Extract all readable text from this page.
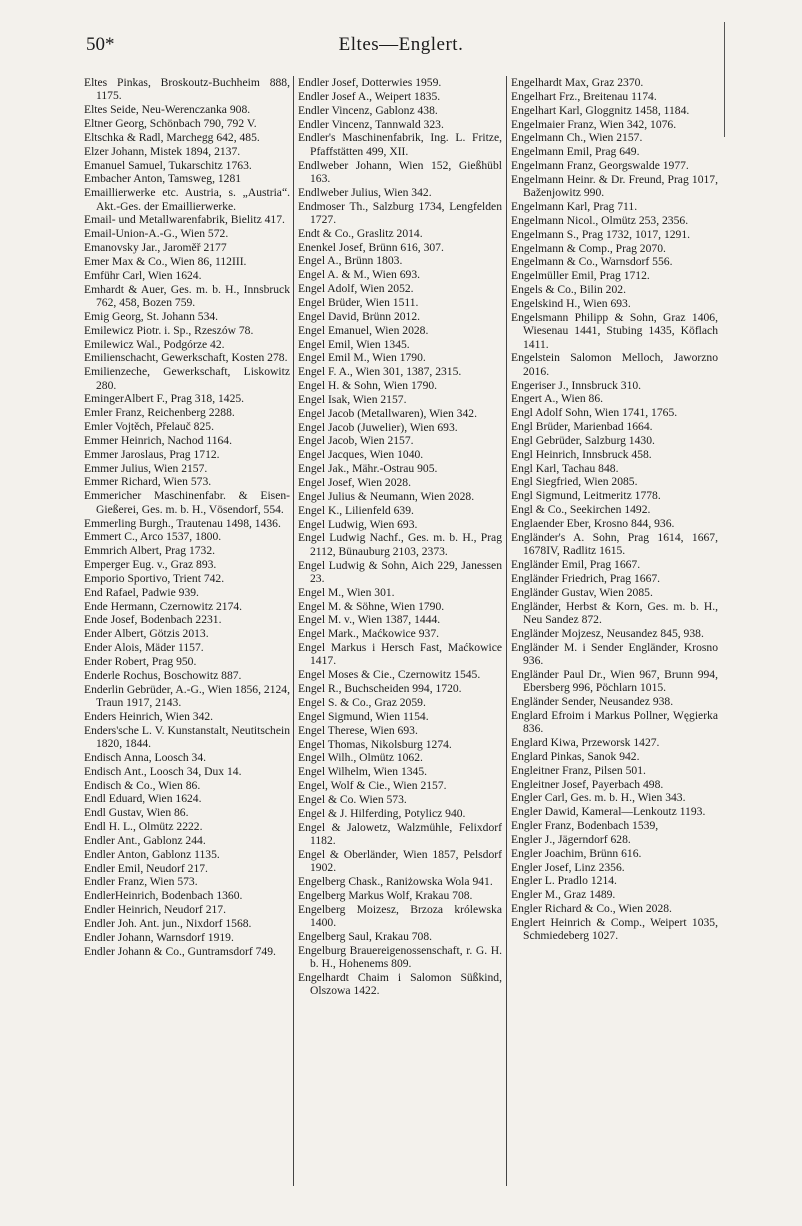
50*	Eltes—Englert.
Eltes Pinkas, Broskoutz-Buchheim 888, 1175.
Eltes Seide, Neu-Werenczanka 908.
Eltner Georg, Schönbach 790, 792 V.
Eltschka & Radl, Marchegg 642, 485.
Elzer Johann, Mistek 1894, 2137.
Emanuel Samuel, Tukarschitz 1763.
Embacher Anton, Tamsweg, 1281
Emaillierwerke etc. Austria, s. „Austria“. Akt.-Ges. der Emaillierwerke.
Email- und Metallwarenfabrik, Bielitz 417.
Email-Union-A.-G., Wien 572.
Emanovsky Jar., Jaroměř 2177
Emer Max & Co., Wien 86, 112III.
Emführ Carl, Wien 1624.
Emhardt & Auer, Ges. m. b. H., Innsbruck 762, 458, Bozen 759.
Emig Georg, St. Johann 534.
Emilewicz Piotr. i. Sp., Rzeszów 78.
Emilewicz Wal., Podgórze 42.
Emilienschacht, Gewerkschaft, Kosten 278.
Emilienzeche, Gewerkschaft, Liskowitz 280.
EmingerAlbert F., Prag 318, 1425.
Emler Franz, Reichenberg 2288.
Emler Vojtěch, Přelauč 825.
Emmer Heinrich, Nachod 1164.
Emmer Jaroslaus, Prag 1712.
Emmer Julius, Wien 2157.
Emmer Richard, Wien 573.
Emmericher Maschinenfabr. & Eisen-Gießerei, Ges. m. b. H., Vösendorf, 554.
Emmerling Burgh., Trautenau 1498, 1436.
Emmert C., Arco 1537, 1800.
Emmrich Albert, Prag 1732.
Emperger Eug. v., Graz 893.
Emporio Sportivo, Trient 742.
End Rafael, Padwie 939.
Ende Hermann, Czernowitz 2174.
Ende Josef, Bodenbach 2231.
Ender Albert, Götzis 2013.
Ender Alois, Mäder 1157.
Ender Robert, Prag 950.
Enderle Rochus, Boschowitz 887.
Enderlin Gebrüder, A.-G., Wien 1856, 2124, Traun 1917, 2143.
Enders Heinrich, Wien 342.
Enders'sche L. V. Kunstanstalt, Neutitschein 1820, 1844.
Endisch Anna, Loosch 34.
Endisch Ant., Loosch 34, Dux 14.
Endisch & Co., Wien 86.
Endl Eduard, Wien 1624.
Endl Gustav, Wien 86.
Endl H. L., Olmütz 2222.
Endler Ant., Gablonz 244.
Endler Anton, Gablonz 1135.
Endler Emil, Neudorf 217.
Endler Franz, Wien 573.
EndlerHeinrich, Bodenbach 1360.
Endler Heinrich, Neudorf 217.
Endler Joh. Ant. jun., Nixdorf 1568.
Endler Johann, Warnsdorf 1919.
Endler Johann & Co., Guntramsdorf 749.
Endler Josef, Dotterwies 1959.
Endler Josef A., Weipert 1835.
Endler Vincenz, Gablonz 438.
Endler Vincenz, Tannwald 323.
Endler's Maschinenfabrik, Ing. L. Fritze, Pfaffstätten 499, XII.
Endlweber Johann, Wien 152, Gießhübl 163.
Endlweber Julius, Wien 342.
Endmoser Th., Salzburg 1734, Lengfelden 1727.
Endt & Co., Graslitz 2014.
Enenkel Josef, Brünn 616, 307.
Engel A., Brünn 1803.
Engel A. & M., Wien 693.
Engel Adolf, Wien 2052.
Engel Brüder, Wien 1511.
Engel David, Brünn 2012.
Engel Emanuel, Wien 2028.
Engel Emil, Wien 1345.
Engel Emil M., Wien 1790.
Engel F. A., Wien 301, 1387, 2315.
Engel H. & Sohn, Wien 1790.
Engel Isak, Wien 2157.
Engel Jacob (Metallwaren), Wien 342.
Engel Jacob (Juwelier), Wien 693.
Engel Jacob, Wien 2157.
Engel Jacques, Wien 1040.
Engel Jak., Mähr.-Ostrau 905.
Engel Josef, Wien 2028.
Engel Julius & Neumann, Wien 2028.
Engel K., Lilienfeld 639.
Engel Ludwig, Wien 693.
Engel Ludwig Nachf., Ges. m. b. H., Prag 2112, Bünauburg 2103, 2373.
Engel Ludwig & Sohn, Aich 229, Janessen 23.
Engel M., Wien 301.
Engel M. & Söhne, Wien 1790.
Engel M. v., Wien 1387, 1444.
Engel Mark., Maćkowice 937.
Engel Markus i Hersch Fast, Maćkowice 1417.
Engel Moses & Cie., Czernowitz 1545.
Engel R., Buchscheiden 994, 1720.
Engel S. & Co., Graz 2059.
Engel Sigmund, Wien 1154.
Engel Therese, Wien 693.
Engel Thomas, Nikolsburg 1274.
Engel Wilh., Olmütz 1062.
Engel Wilhelm, Wien 1345.
Engel, Wolf & Cie., Wien 2157.
Engel & Co. Wien 573.
Engel & J. Hilferding, Potylicz 940.
Engel & Jalowetz, Walzmühle, Felixdorf 1182.
Engel & Oberländer, Wien 1857, Pelsdorf 1902.
Engelberg Chask., Raniżowska Wola 941.
Engelberg Markus Wolf, Krakau 708.
Engelberg Moizesz, Brzoza królewska 1400.
Engelberg Saul, Krakau 708.
Engelburg Brauereigenossenschaft, r. G. H. b. H., Hohenems 809.
Engelhardt Chaim i Salomon Süßkind, Olszowa 1422.
Engelhardt Max, Graz 2370.
Engelhart Frz., Breitenau 1174.
Engelhart Karl, Gloggnitz 1458, 1184.
Engelmaier Franz, Wien 342, 1076.
Engelmann Ch., Wien 2157.
Engelmann Emil, Prag 649.
Engelmann Franz, Georgswalde 1977.
Engelmann Heinr. & Dr. Freund, Prag 1017, Baženjowitz 990.
Engelmann Karl, Prag 711.
Engelmann Nicol., Olmütz 253, 2356.
Engelmann S., Prag 1732, 1017, 1291.
Engelmann & Comp., Prag 2070.
Engelmann & Co., Warnsdorf 556.
Engelmüller Emil, Prag 1712.
Engels & Co., Bilin 202.
Engelskind H., Wien 693.
Engelsmann Philipp & Sohn, Graz 1406, Wiesenau 1441, Stubing 1435, Köflach 1411.
Engelstein Salomon Melloch, Jaworzno 2016.
Engeriser J., Innsbruck 310.
Engert A., Wien 86.
Engl Adolf Sohn, Wien 1741, 1765.
Engl Brüder, Marienbad 1664.
Engl Gebrüder, Salzburg 1430.
Engl Heinrich, Innsbruck 458.
Engl Karl, Tachau 848.
Engl Siegfried, Wien 2085.
Engl Sigmund, Leitmeritz 1778.
Engl & Co., Seekirchen 1492.
Englaender Eber, Krosno 844, 936.
Engländer's A. Sohn, Prag 1614, 1667, 1678IV, Radlitz 1615.
Engländer Emil, Prag 1667.
Engländer Friedrich, Prag 1667.
Engländer Gustav, Wien 2085.
Engländer, Herbst & Korn, Ges. m. b. H., Neu Sandez 872.
Engländer Mojzesz, Neusandez 845, 938.
Engländer M. i Sender Engländer, Krosno 936.
Engländer Paul Dr., Wien 967, Brunn 994, Ebersberg 996, Pöchlarn 1015.
Engländer Sender, Neusandez 938.
Englard Efroim i Markus Pollner, Węgierka 836.
Englard Kiwa, Przeworsk 1427.
Englard Pinkas, Sanok 942.
Engleitner Franz, Pilsen 501.
Engleitner Josef, Payerbach 498.
Engler Carl, Ges. m. b. H., Wien 343.
Engler Dawid, Kameral—Lenkoutz 1193.
Engler Franz, Bodenbach 1539,
Engler J., Jägerndorf 628.
Engler Joachim, Brünn 616.
Engler Josef, Linz 2356.
Engler L. Pradlo 1214.
Engler M., Graz 1489.
Engler Richard & Co., Wien 2028.
Englert Heinrich & Comp., Weipert 1035, Schmiedeberg 1027.
